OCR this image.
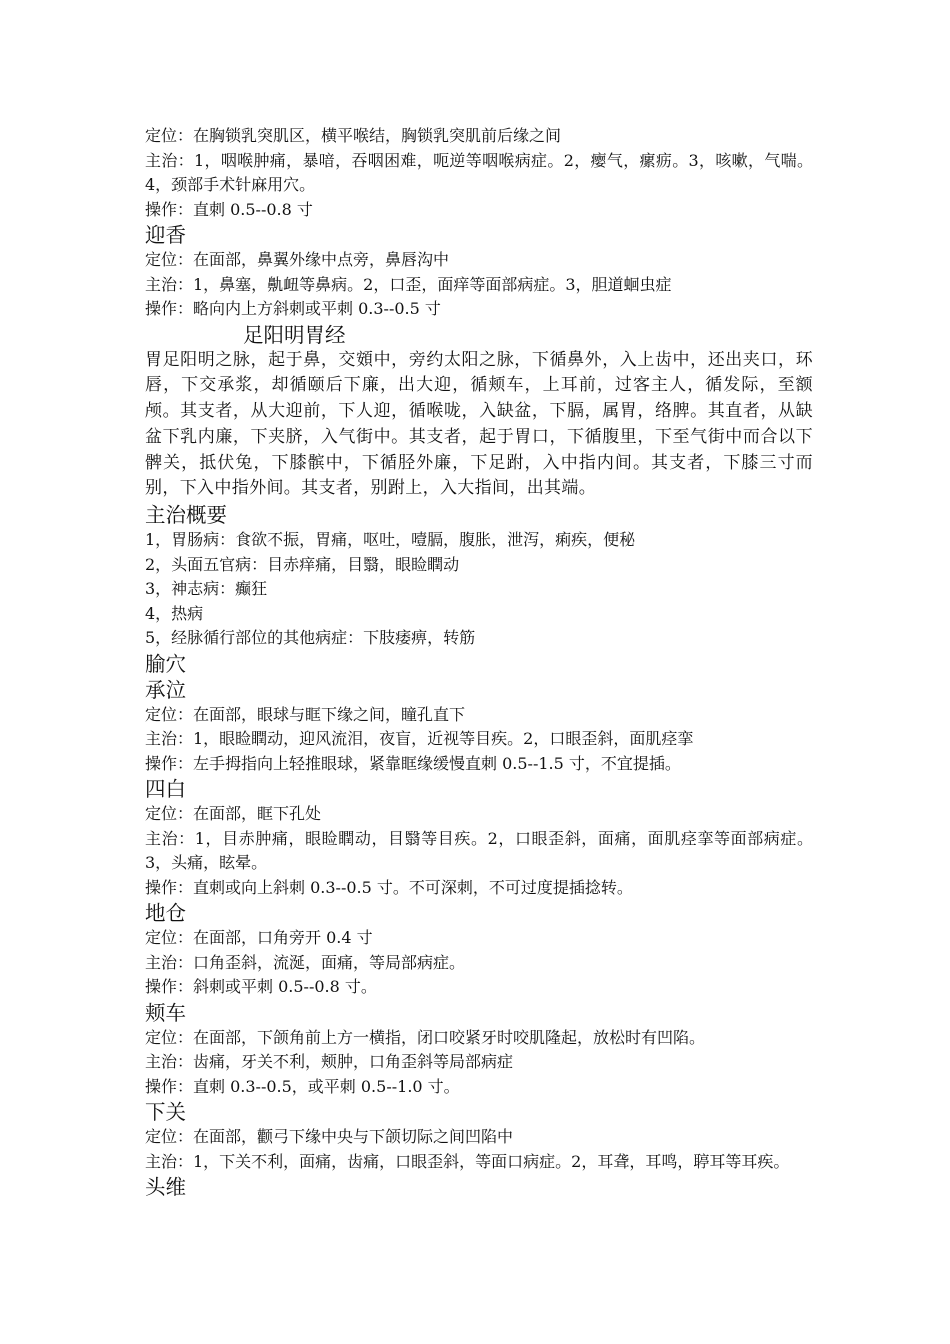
定位：在胸锁乳突肌区，横平喉结，胸锁乳突肌前后缘之间
主治：1，咽喉肿痛，暴喑，吞咽困难，呃逆等咽喉病症。2，瘿气，瘰疬。3，咳嗽，气喘。4，颈部手术针麻用穴。
操作：直刺 0.5--0.8 寸
迎香
定位：在面部，鼻翼外缘中点旁，鼻唇沟中
主治：1，鼻塞，鼽衄等鼻病。2，口歪，面痒等面部病症。3，胆道蛔虫症
操作：略向内上方斜刺或平刺 0.3--0.5 寸
足阳明胃经
胃足阳明之脉，起于鼻，交頞中，旁约太阳之脉，下循鼻外，入上齿中，还出夹口，环唇，下交承浆，却循颐后下廉，出大迎，循颊车，上耳前，过客主人，循发际，至额颅。其支者，从大迎前，下人迎，循喉咙，入缺盆，下膈，属胃，络脾。其直者，从缺盆下乳内廉，下夹脐，入气街中。其支者，起于胃口，下循腹里，下至气街中而合以下髀关，抵伏兔，下膝髌中，下循胫外廉，下足跗，入中指内间。其支者，下膝三寸而别，下入中指外间。其支者，别跗上，入大指间，出其端。
主治概要
1，胃肠病：食欲不振，胃痛，呕吐，噎膈，腹胀，泄泻，痢疾，便秘
2，头面五官病：目赤痒痛，目翳，眼睑瞤动
3，神志病：癫狂
4，热病
5，经脉循行部位的其他病症：下肢痿痹，转筋
腧穴
承泣
定位：在面部，眼球与眶下缘之间，瞳孔直下
主治：1，眼睑瞤动，迎风流泪，夜盲，近视等目疾。2，口眼歪斜，面肌痉挛
操作：左手拇指向上轻推眼球，紧靠眶缘缓慢直刺 0.5--1.5 寸，不宜提插。
四白
定位：在面部，眶下孔处
主治：1，目赤肿痛，眼睑瞤动，目翳等目疾。2，口眼歪斜，面痛，面肌痉挛等面部病症。3，头痛，眩晕。
操作：直刺或向上斜刺 0.3--0.5 寸。不可深刺，不可过度提插捻转。
地仓
定位：在面部，口角旁开 0.4 寸
主治：口角歪斜，流涎，面痛，等局部病症。
操作：斜刺或平刺 0.5--0.8 寸。
颊车
定位：在面部，下颌角前上方一横指，闭口咬紧牙时咬肌隆起，放松时有凹陷。
主治：齿痛，牙关不利，颊肿，口角歪斜等局部病症
操作：直刺 0.3--0.5，或平刺 0.5--1.0 寸。
下关
定位：在面部，颧弓下缘中央与下颌切际之间凹陷中
主治：1，下关不利，面痛，齿痛，口眼歪斜，等面口病症。2，耳聋，耳鸣，聤耳等耳疾。
头维
